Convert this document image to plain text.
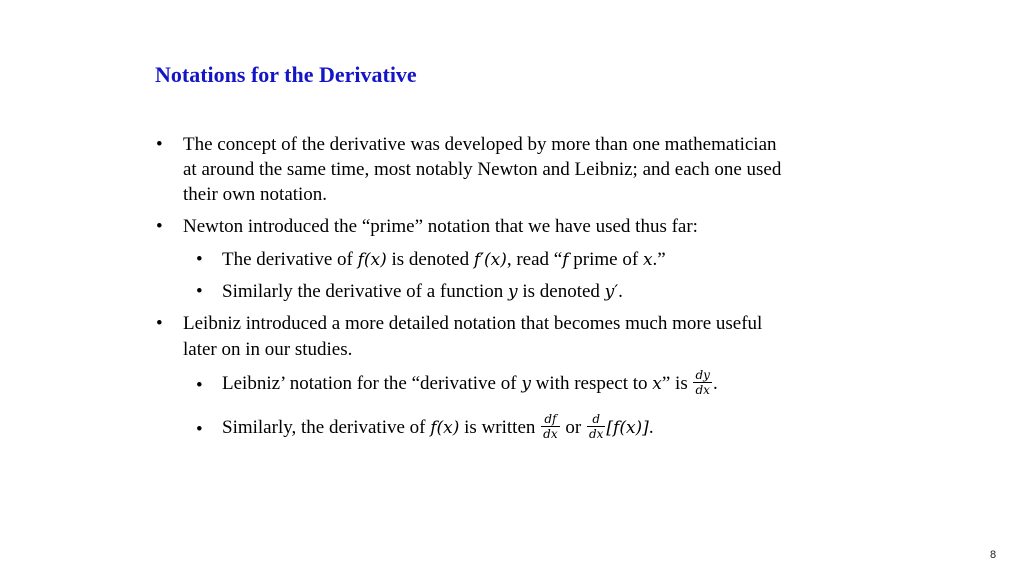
Notations for the Derivative
• The concept of the derivative was developed by more than one mathematician
at around the same time, most notably Newton and Leibniz; and each one used
their own notation.
• Newton introduced the “prime” notation that we have used thus far:
• The derivative of f(x) is denoted f′(x), read “f prime of x.”
• Similarly the derivative of a function y is denoted y′.
• Leibniz introduced a more detailed notation that becomes much more useful
later on in our studies.
• Leibniz’ notation for the “derivative of y with respect to x” is $\frac{dy}{dx}$ .
• Similarly, the derivative of f(x) is written $\frac{df}{dx}$ or $\frac{d}{dx} [f(x)]$.
8
